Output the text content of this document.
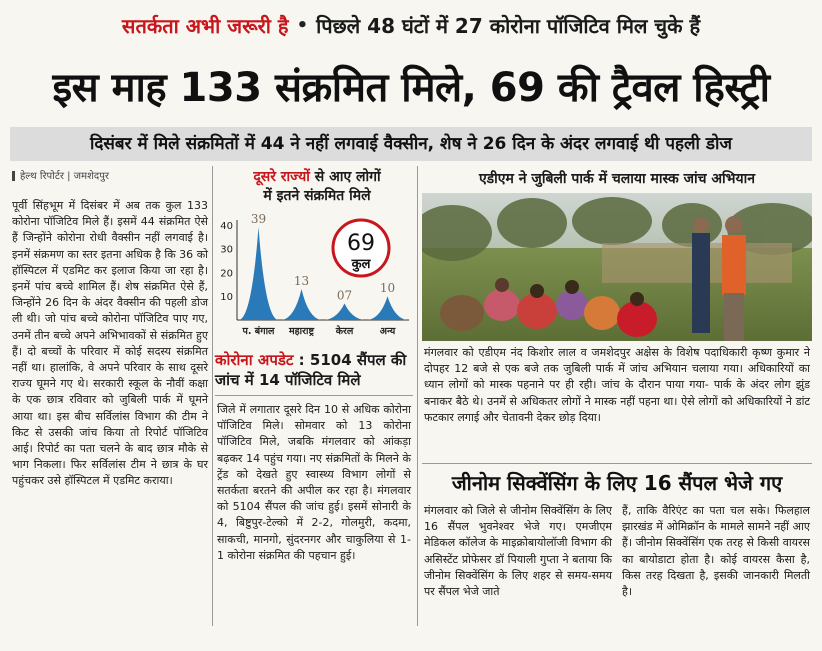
सतर्कता अभी जरूरी है • पिछले 48 घंटों में 27 कोरोना पॉजिटिव मिल चुके हैं
इस माह 133 संक्रमित मिले, 69 की ट्रैवल हिस्ट्री
दिसंबर में मिले संक्रमितों में 44 ने नहीं लगवाई वैक्सीन, शेष ने 26 दिन के अंदर लगवाई थी पहली डोज
हेल्थ रिपोर्टर | जमशेदपुर
पूर्वी सिंहभूम में दिसंबर में अब तक कुल 133 कोरोना पॉजिटिव मिले हैं। इसमें 44 संक्रमित ऐसे हैं जिन्होंने कोरोना रोधी वैक्सीन नहीं लगवाई है। इनमें संक्रमण का स्तर इतना अधिक है कि 36 को हॉस्पिटल में एडमिट कर इलाज किया जा रहा है। इनमें पांच बच्चे शामिल हैं। शेष संक्रमित ऐसे हैं, जिन्होंने 26 दिन के अंदर वैक्सीन की पहली डोज ली थी। जो पांच बच्चे कोरोना पॉजिटिव पाए गए, उनमें तीन बच्चे अपने अभिभावकों से संक्रमित हुए हैं। दो बच्चों के परिवार में कोई सदस्य संक्रमित नहीं था। हालांकि, वे अपने परिवार के साथ दूसरे राज्य घूमने गए थे। सरकारी स्कूल के नौवीं कक्षा के एक छात्र रविवार को जुबिली पार्क में घूमने आया था। इस बीच सर्विलांस विभाग की टीम ने किट से उसकी जांच किया तो रिपोर्ट पॉजिटिव आई। रिपोर्ट का पता चलने के बाद छात्र मौके से भाग निकला। फिर सर्विलांस टीम ने छात्र के घर पहुंचकर उसे हॉस्पिटल में एडमिट कराया।
दूसरे राज्यों से आए लोगों
में इतने संक्रमित मिले
10
20
30
40
39
13
07
10
प. बंगाल महाराष्ट्र केरल	अन्य
69
कुल
कोरोना अपडेट : 5104 सैंपल की जांच में 14 पॉजिटिव मिले
जिले में लगातार दूसरे दिन 10 से अधिक कोरोना पॉजिटिव मिले। सोमवार को 13 कोरोना पॉजिटिव मिले, जबकि मंगलवार को आंकड़ा बढ़कर 14 पहुंच गया। नए संक्रमितों के मिलने के ट्रेंड को देखते हुए स्वास्थ्य विभाग लोगों से सतर्कता बरतने की अपील कर रहा है। मंगलवार को 5104 सैंपल की जांच हुई। इसमें सोनारी के 4, बिष्टुपुर-टेल्को में 2-2, गोलमुरी, कदमा, साकची, मानगो, सुंदरनगर और चाकुलिया से 1-1 कोरोना संक्रमित की पहचान हुई।
एडीएम ने जुबिली पार्क में चलाया मास्क जांच अभियान
मंगलवार को एडीएम नंद किशोर लाल व जमशेदपुर अक्षेस के विशेष पदाधिकारी कृष्ण कुमार ने दोपहर 12 बजे से एक बजे तक जुबिली पार्क में जांच अभियान चलाया गया। अधिकारियों का ध्यान लोगों को मास्क पहनाने पर ही रही। जांच के दौरान पाया गया- पार्क के अंदर लोग झुंड बनाकर बैठे थे। उनमें से अधिकतर लोगों ने मास्क नहीं पहना था। ऐसे लोगों को अधिकारियों ने डांट फटकार लगाई और चेतावनी देकर छोड़ दिया।
जीनोम सिक्वेंसिंग के लिए 16 सैंपल भेजे गए
मंगलवार को जिले से जीनोम सिक्वेंसिंग के लिए 16 सैंपल भुवनेश्वर भेजे गए। एमजीएम मेडिकल कॉलेज के माइक्रोबायोलॉजी विभाग की असिस्टेंट प्रोफेसर डॉ पियाली गुप्ता ने बताया कि जीनोम सिक्वेंसिंग के लिए शहर से समय-समय पर सैंपल भेजे जाते
हैं, ताकि वैरिएंट का पता चल सके। फिलहाल झारखंड में ओमिक्रॉन के मामले सामने नहीं आए हैं। जीनोम सिक्वेंसिंग एक तरह से किसी वायरस का बायोडाटा होता है। कोई वायरस कैसा है, किस तरह दिखता है, इसकी जानकारी मिलती है।
